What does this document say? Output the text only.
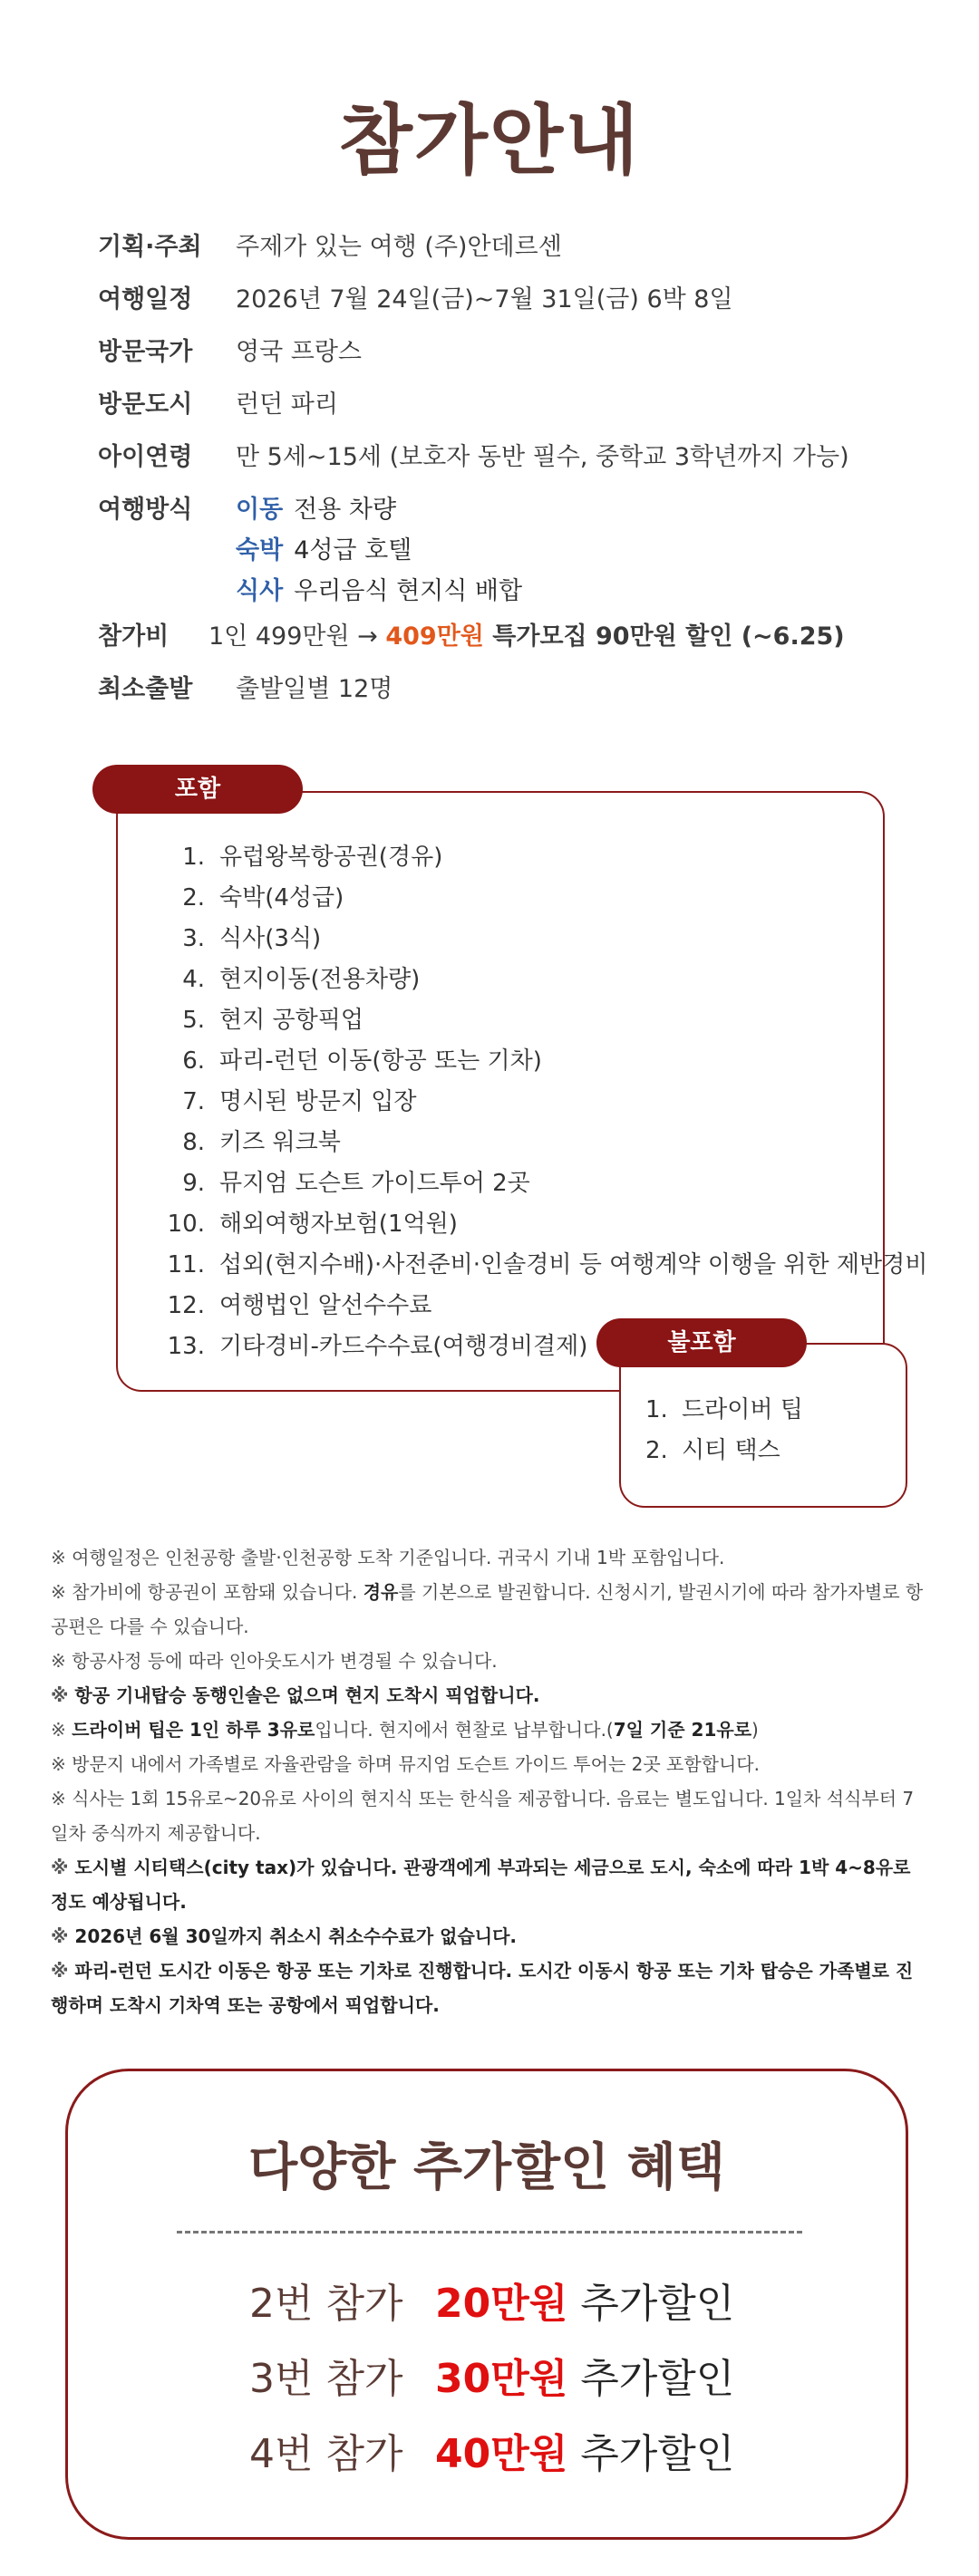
참가안내
기획·주최 주제가 있는 여행 (주)안데르센
여행일정 2026년 7월 24일(금)~7월 31일(금) 6박 8일
방문국가 영국 프랑스
방문도시 런던 파리
아이연령 만 5세~15세 (보호자 동반 필수, 중학교 3학년까지 가능)
여행방식 이동 전용 차량
숙박 4성급 호텔
식사 우리음식 현지식 배합
참가비 1인 499만원 → 409만원 특가모집 90만원 할인 (~6.25)
최소출발 출발일별 12명
포함
1. 유럽왕복항공권(경유)
2. 숙박(4성급)
3. 식사(3식)
4. 현지이동(전용차량)
5. 현지 공항픽업
6. 파리-런던 이동(항공 또는 기차)
7. 명시된 방문지 입장
8. 키즈 워크북
9. 뮤지엄 도슨트 가이드투어 2곳
10. 해외여행자보험(1억원)
11. 섭외(현지수배)·사전준비·인솔경비 등 여행계약 이행을 위한 제반경비
12. 여행법인 알선수수료
13. 기타경비-카드수수료(여행경비결제)	불포함
1. 드라이버 팁
2. 시티 택스
※ 여행일정은 인천공항 출발·인천공항 도착 기준입니다. 귀국시 기내 1박 포함입니다.
※ 참가비에 항공권이 포함돼 있습니다. 경유를 기본으로 발권합니다. 신청시기, 발권시기에 따라 참가자별로 항공편은 다를 수 있습니다.
※ 항공사정 등에 따라 인아웃도시가 변경될 수 있습니다.
※ 항공 기내탑승 동행인솔은 없으며 현지 도착시 픽업합니다.
※ 드라이버 팁은 1인 하루 3유로입니다. 현지에서 현찰로 납부합니다.(7일 기준 21유로)
※ 방문지 내에서 가족별로 자율관람을 하며 뮤지엄 도슨트 가이드 투어는 2곳 포함합니다.
※ 식사는 1회 15유로~20유로 사이의 현지식 또는 한식을 제공합니다. 음료는 별도입니다. 1일차 석식부터 7일차 중식까지 제공합니다.
※ 도시별 시티택스(city tax)가 있습니다. 관광객에게 부과되는 세금으로 도시, 숙소에 따라 1박 4~8유로 정도 예상됩니다.
※ 2026년 6월 30일까지 취소시 취소수수료가 없습니다.
※ 파리-런던 도시간 이동은 항공 또는 기차로 진행합니다. 도시간 이동시 항공 또는 기차 탑승은 가족별로 진행하며 도착시 기차역 또는 공항에서 픽업합니다.
다양한 추가할인 혜택
2번 참가 20만원 추가할인
3번 참가 30만원 추가할인
4번 참가 40만원 추가할인
